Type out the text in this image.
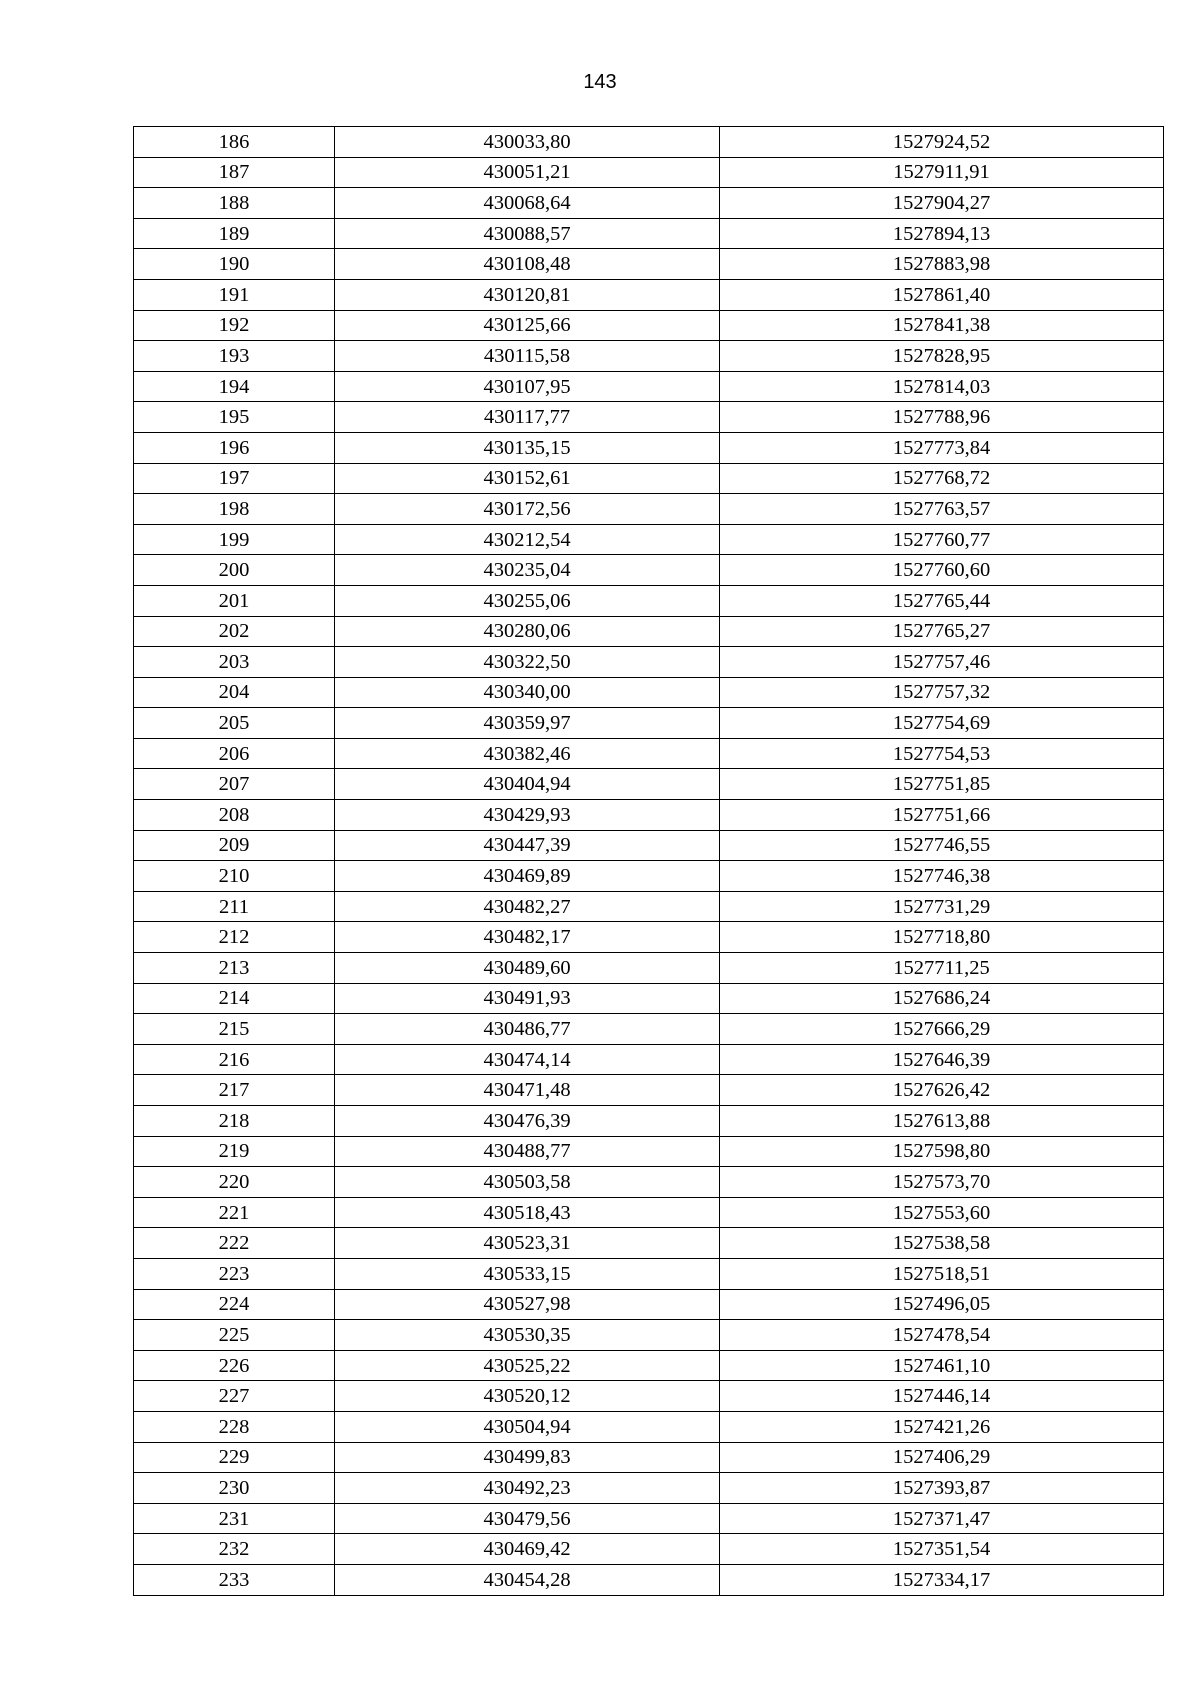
143
186	430033,80	1527924,52
187	430051,21	1527911,91
188	430068,64	1527904,27
189	430088,57	1527894,13
190	430108,48	1527883,98
191	430120,81	1527861,40
192	430125,66	1527841,38
193	430115,58	1527828,95
194	430107,95	1527814,03
195	430117,77	1527788,96
196	430135,15	1527773,84
197	430152,61	1527768,72
198	430172,56	1527763,57
199	430212,54	1527760,77
200	430235,04	1527760,60
201	430255,06	1527765,44
202	430280,06	1527765,27
203	430322,50	1527757,46
204	430340,00	1527757,32
205	430359,97	1527754,69
206	430382,46	1527754,53
207	430404,94	1527751,85
208	430429,93	1527751,66
209	430447,39	1527746,55
210	430469,89	1527746,38
211	430482,27	1527731,29
212	430482,17	1527718,80
213	430489,60	1527711,25
214	430491,93	1527686,24
215	430486,77	1527666,29
216	430474,14	1527646,39
217	430471,48	1527626,42
218	430476,39	1527613,88
219	430488,77	1527598,80
220	430503,58	1527573,70
221	430518,43	1527553,60
222	430523,31	1527538,58
223	430533,15	1527518,51
224	430527,98	1527496,05
225	430530,35	1527478,54
226	430525,22	1527461,10
227	430520,12	1527446,14
228	430504,94	1527421,26
229	430499,83	1527406,29
230	430492,23	1527393,87
231	430479,56	1527371,47
232	430469,42	1527351,54
233	430454,28	1527334,17
